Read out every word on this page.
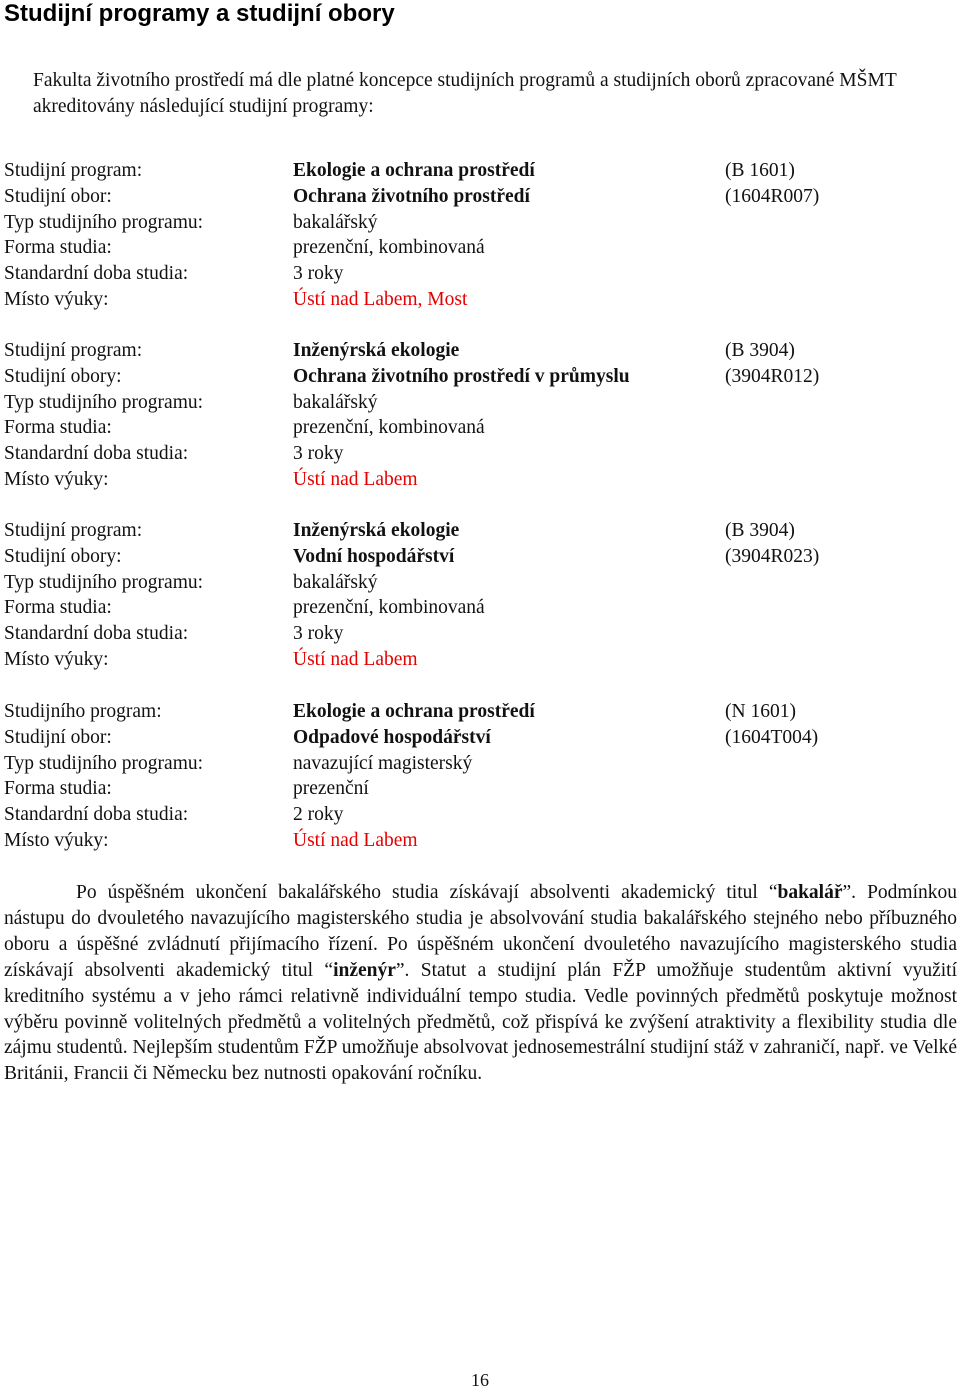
Studijní programy a studijní obory
Fakulta životního prostředí má dle platné koncepce studijních programů a studijních oborů zpracované MŠMT akreditovány následující studijní programy:
Studijní program:	Ekologie a ochrana prostředí	(B 1601)
Studijní obor:	Ochrana životního prostředí	(1604R007)
Typ studijního programu:	bakalářský
Forma studia:	prezenční, kombinovaná
Standardní doba studia:	3 roky
Místo výuky:	Ústí nad Labem, Most
Studijní program:	Inženýrská ekologie	(B 3904)
Studijní obory:	Ochrana životního prostředí v průmyslu	(3904R012)
Typ studijního programu:	bakalářský
Forma studia:	prezenční, kombinovaná
Standardní doba studia:	3 roky
Místo výuky:	Ústí nad Labem
Studijní program:	Inženýrská ekologie	(B 3904)
Studijní obory:	Vodní hospodářství	(3904R023)
Typ studijního programu:	bakalářský
Forma studia:	prezenční, kombinovaná
Standardní doba studia:	3 roky
Místo výuky:	Ústí nad Labem
Studijního program:	Ekologie a ochrana prostředí	(N 1601)
Studijní obor:	Odpadové hospodářství	(1604T004)
Typ studijního programu:	navazující magisterský
Forma studia:	prezenční
Standardní doba studia:	2 roky
Místo výuky:	Ústí nad Labem
Po úspěšném ukončení bakalářského studia získávají absolventi akademický titul “bakalář”. Podmínkou nástupu do dvouletého navazujícího magisterského studia je absolvování studia bakalářského stejného nebo příbuzného oboru a úspěšné zvládnutí přijímacího řízení. Po úspěšném ukončení dvouletého navazujícího magisterského studia získávají absolventi akademický titul “inženýr”. Statut a studijní plán FŽP umožňuje studentům aktivní využití kreditního systému a v jeho rámci relativně individuální tempo studia. Vedle povinných předmětů poskytuje možnost výběru povinně volitelných předmětů a volitelných předmětů, což přispívá ke zvýšení atraktivity a flexibility studia dle zájmu studentů. Nejlepším studentům FŽP umožňuje absolvovat jednosemestrální studijní stáž v zahraničí, např. ve Velké Británii, Francii či Německu bez nutnosti opakování ročníku.
16
